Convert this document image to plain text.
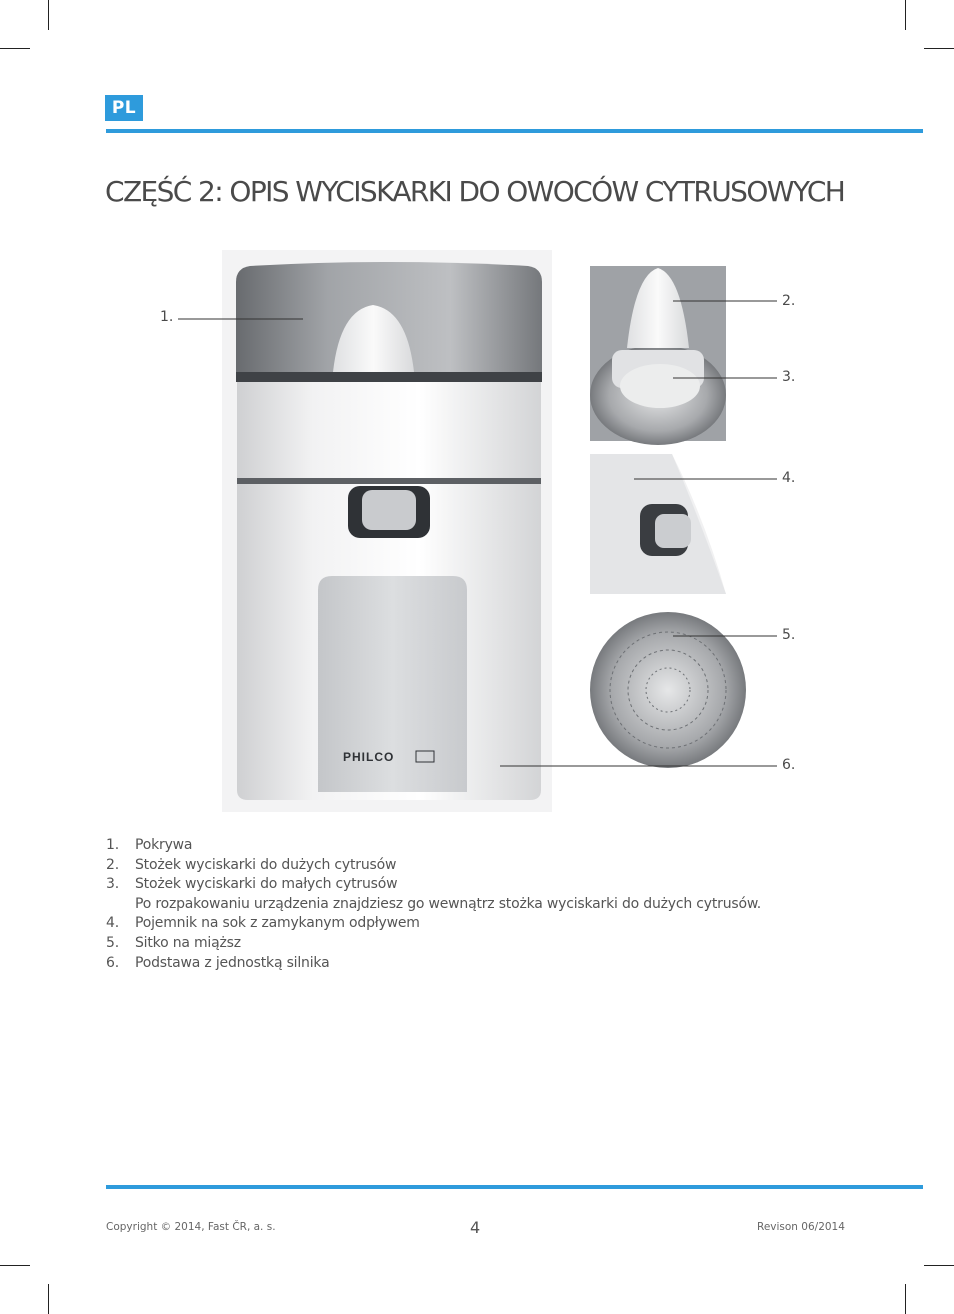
PL
CZĘŚĆ 2: OPIS WYCISKARKI DO OWOCÓW CYTRUSOWYCH
PHILCO
1.
2.
3.
4.
5.
6.
1. Pokrywa
2. Stożek wyciskarki do dużych cytrusów
3. Stożek wyciskarki do małych cytrusów
Po rozpakowaniu urządzenia znajdziesz go wewnątrz stożka wyciskarki do dużych cytrusów.
4. Pojemnik na sok z zamykanym odpływem
5. Sitko na miąższ
6. Podstawa z jednostką silnika
Copyright © 2014, Fast ČR, a. s.	4	Revison 06/2014
